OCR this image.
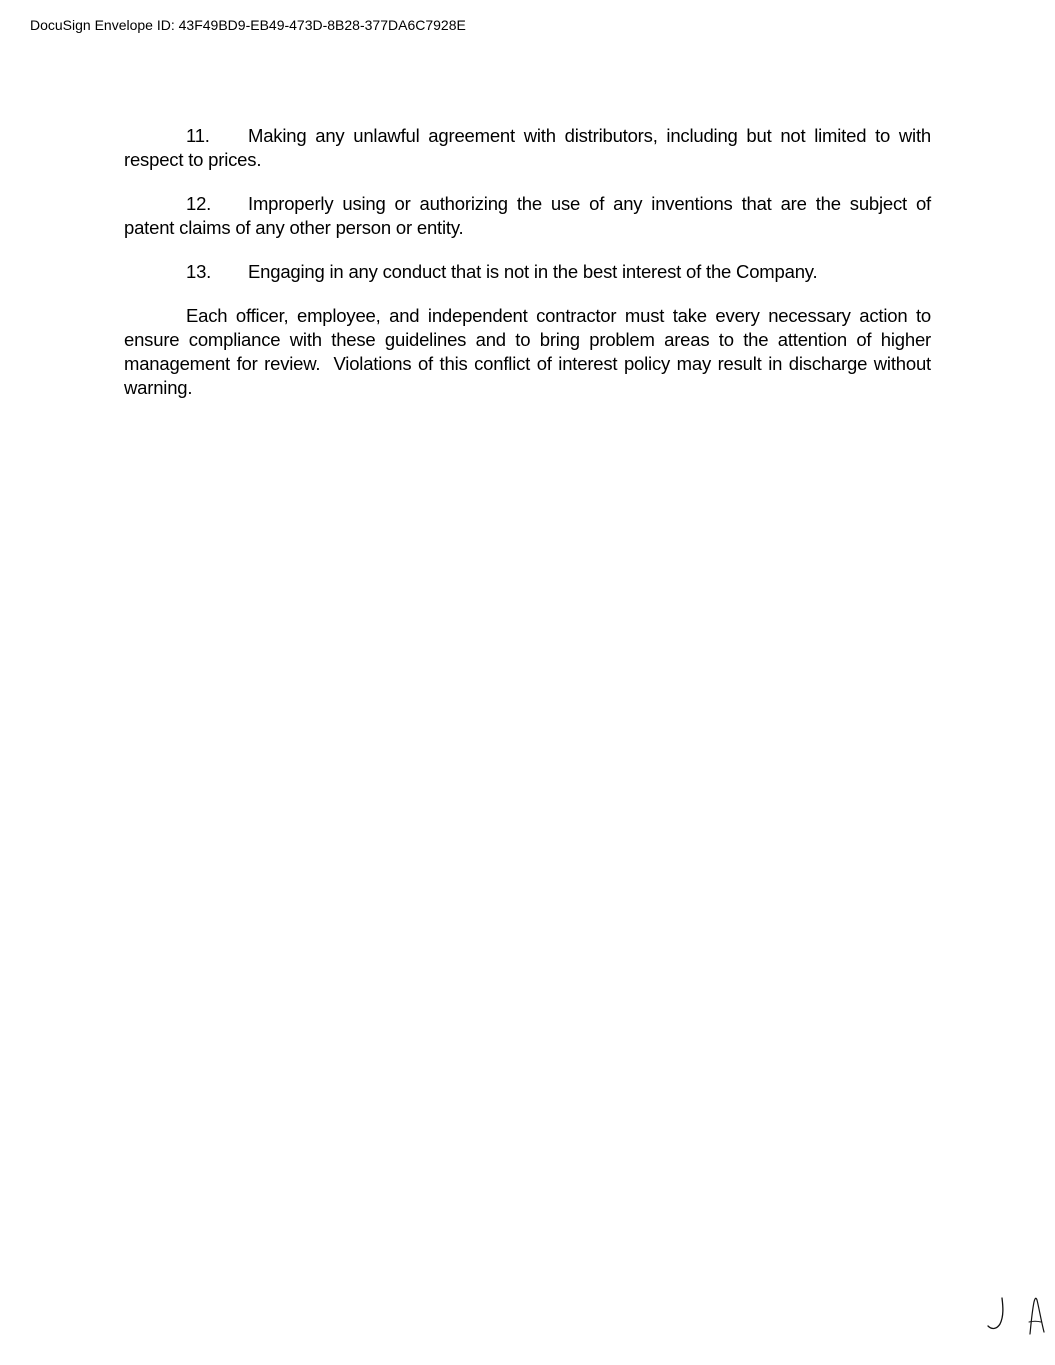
DocuSign Envelope ID: 43F49BD9-EB49-473D-8B28-377DA6C7928E

11. Making any unlawful agreement with distributors, including but not limited to with respect to prices.

12. Improperly using or authorizing the use of any inventions that are the subject of patent claims of any other person or entity.

13. Engaging in any conduct that is not in the best interest of the Company.

Each officer, employee, and independent contractor must take every necessary action to ensure compliance with these guidelines and to bring problem areas to the attention of higher management for review.  Violations of this conflict of interest policy may result in discharge without warning.
